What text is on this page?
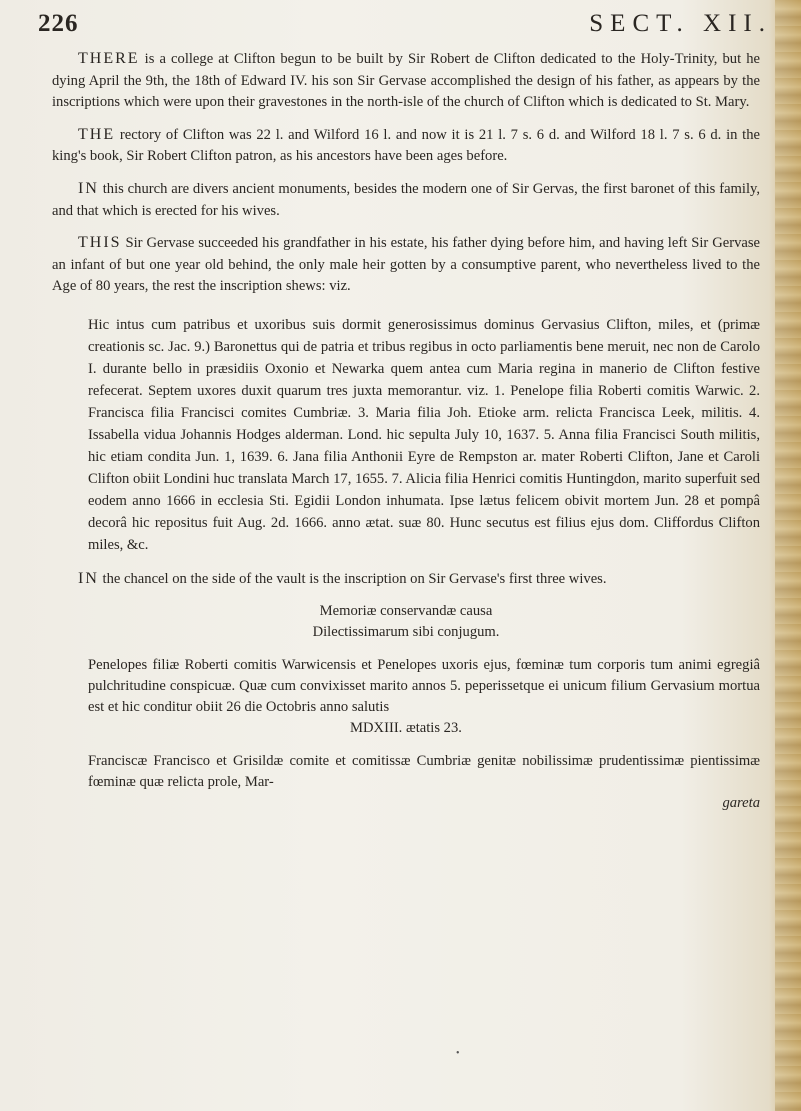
226	SECT. XII.

THERE is a college at Clifton begun to be built by Sir Robert de Clifton dedicated to the Holy-Trinity, but he dying April the 9th, the 18th of Edward IV. his son Sir Gervase accomplished the design of his father, as appears by the inscriptions which were upon their gravestones in the north-isle of the church of Clifton which is dedicated to St. Mary.

THE rectory of Clifton was 22 l. and Wilford 16 l. and now it is 21 l. 7 s. 6 d. and Wilford 18 l. 7 s. 6 d. in the king's book, Sir Robert Clifton patron, as his ancestors have been ages before.

IN this church are divers ancient monuments, besides the modern one of Sir Gervas, the first baronet of this family, and that which is erected for his wives.

THIS Sir Gervase succeeded his grandfather in his estate, his father dying before him, and having left Sir Gervase an infant of but one year old behind, the only male heir gotten by a consumptive parent, who nevertheless lived to the Age of 80 years, the rest the inscription shews: viz.

Hic intus cum patribus et uxoribus suis dormit generosissimus dominus Gervasius Clifton, miles, et (primæ creationis sc. Jac. 9.) Baronettus qui de patria et tribus regibus in octo parliamentis bene meruit, nec non de Carolo I. durante bello in præsidiis Oxonio et Newarka quem antea cum Maria regina in manerio de Clifton festive refecerat. Septem uxores duxit quarum tres juxta memorantur. viz. 1. Penelope filia Roberti comitis Warwic. 2. Francisca filia Francisci comites Cumbriæ. 3. Maria filia Joh. Etioke arm. relicta Francisca Leek, militis. 4. Issabella vidua Johannis Hodges alderman. Lond. hic sepulta July 10, 1637. 5. Anna filia Francisci South militis, hic etiam condita Jun. 1, 1639. 6. Jana filia Anthonii Eyre de Rempston ar. mater Roberti Clifton, Jane et Caroli Clifton obiit Londini huc translata March 17, 1655. 7. Alicia filia Henrici comitis Huntingdon, marito superfuit sed eodem anno 1666 in ecclesia Sti. Egidii London inhumata. Ipse lætus felicem obivit mortem Jun. 28 et pompâ decorâ hic repositus fuit Aug. 2d. 1666. anno ætat. suæ 80. Hunc secutus est filius ejus dom. Cliffordus Clifton miles, &c.

IN the chancel on the side of the vault is the inscription on Sir Gervase's first three wives.

Memoriæ conservandæ causa
Dilectissimarum sibi conjugum.

Penelopes filiæ Roberti comitis Warwicensis et Penelopes uxoris ejus, fœminæ tum corporis tum animi egregiâ pulchritudine conspicuæ. Quæ cum convixisset marito annos 5. peperissetque ei unicum filium Gervasium mortua est et hic conditur obiit 26 die Octobris anno salutis

MDXIII. ætatis 23.

Franciscæ Francisco et Grisildæ comite et comitissæ Cumbriæ genitæ nobilissimæ prudentissimæ pientissimæ fœminæ quæ relicta prole, Mar-

gareta

•
